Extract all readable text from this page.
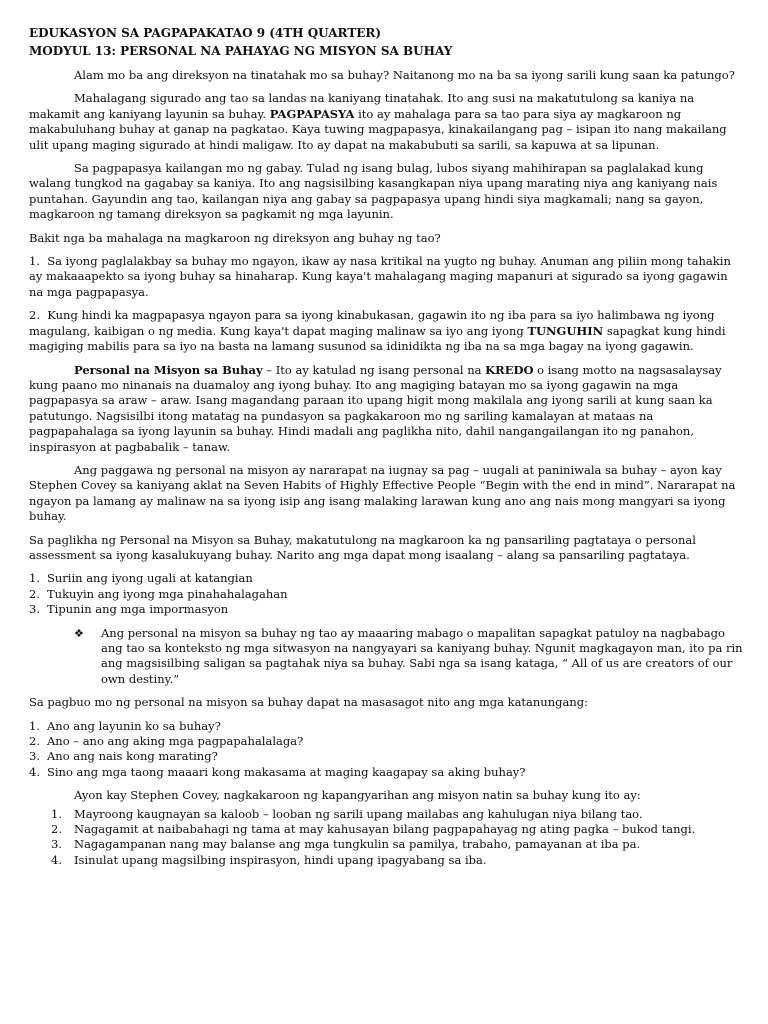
EDUKASYON SA PAGPAPAKATAO 9 (4TH QUARTER)

MODYUL 13: PERSONAL NA PAHAYAG NG MISYON SA BUHAY

Alam mo ba ang direksyon na tinatahak mo sa buhay? Naitanong mo na ba sa iyong sarili kung saan ka patungo?

Mahalagang sigurado ang tao sa landas na kaniyang tinatahak. Ito ang susi na makatutulong sa kaniya na makamit ang kaniyang layunin sa buhay. PAGPAPASYA ito ay mahalaga para sa tao para siya ay magkaroon ng makabuluhang buhay at ganap na pagkatao. Kaya tuwing magpapasya, kinakailangang pag – isipan ito nang makailang ulit upang maging sigurado at hindi maligaw. Ito ay dapat na makabubuti sa sarili, sa kapuwa at sa lipunan.

Sa pagpapasya kailangan mo ng gabay. Tulad ng isang bulag, lubos siyang mahihirapan sa paglalakad kung walang tungkod na gagabay sa kaniya. Ito ang nagsisilbing kasangkapan niya upang marating niya ang kaniyang nais puntahan. Gayundin ang tao, kailangan niya ang gabay sa pagpapasya upang hindi siya magkamali; nang sa gayon, magkaroon ng tamang direksyon sa pagkamit ng mga layunin.

Bakit nga ba mahalaga na magkaroon ng direksyon ang buhay ng tao?

1. Sa iyong paglalakbay sa buhay mo ngayon, ikaw ay nasa kritikal na yugto ng buhay. Anuman ang piliin mong tahakin ay makaaapekto sa iyong buhay sa hinaharap. Kung kaya't mahalagang maging mapanuri at sigurado sa iyong gagawin na mga pagpapasya.

2. Kung hindi ka magpapasya ngayon para sa iyong kinabukasan, gagawin ito ng iba para sa iyo halimbawa ng iyong magulang, kaibigan o ng media. Kung kaya't dapat maging malinaw sa iyo ang iyong TUNGUHIN sapagkat kung hindi magiging mabilis para sa iyo na basta na lamang susunod sa idinidikta ng iba na sa mga bagay na iyong gagawin.

Personal na Misyon sa Buhay – Ito ay katulad ng isang personal na KREDO o isang motto na nagsasalaysay kung paano mo ninanais na duamaloy ang iyong buhay. Ito ang magiging batayan mo sa iyong gagawin na mga pagpapasya sa araw – araw. Isang magandang paraan ito upang higit mong makilala ang iyong sarili at kung saan ka patutungo. Nagsisilbi itong matatag na pundasyon sa pagkakaroon mo ng sariling kamalayan at mataas na pagpapahalaga sa iyong layunin sa buhay. Hindi madali ang paglikha nito, dahil nangangailangan ito ng panahon, inspirasyon at pagbabalik – tanaw.

Ang paggawa ng personal na misyon ay nararapat na iugnay sa pag – uugali at paniniwala sa buhay – ayon kay Stephen Covey sa kaniyang aklat na Seven Habits of Highly Effective People “Begin with the end in mind”. Nararapat na ngayon pa lamang ay malinaw na sa iyong isip ang isang malaking larawan kung ano ang nais mong mangyari sa iyong buhay.

Sa paglikha ng Personal na Misyon sa Buhay, makatutulong na magkaroon ka ng pansariling pagtataya o personal assessment sa iyong kasalukuyang buhay. Narito ang mga dapat mong isaalang – alang sa pansariling pagtataya.

1. Suriin ang iyong ugali at katangian
2. Tukuyin ang iyong mga pinahahalagahan
3. Tipunin ang mga impormasyon

❖ Ang personal na misyon sa buhay ng tao ay maaaring mabago o mapalitan sapagkat patuloy na nagbabago ang tao sa konteksto ng mga sitwasyon na nangyayari sa kaniyang buhay. Ngunit magkagayon man, ito pa rin ang magsisilbing saligan sa pagtahak niya sa buhay. Sabi nga sa isang kataga, “ All of us are creators of our own destiny.”

Sa pagbuo mo ng personal na misyon sa buhay dapat na masasagot nito ang mga katanungang:

1. Ano ang layunin ko sa buhay?
2. Ano – ano ang aking mga pagpapahalalaga?
3. Ano ang nais kong marating?
4. Sino ang mga taong maaari kong makasama at maging kaagapay sa aking buhay?

Ayon kay Stephen Covey, nagkakaroon ng kapangyarihan ang misyon natin sa buhay kung ito ay:

1. Mayroong kaugnayan sa kaloob – looban ng sarili upang mailabas ang kahulugan niya bilang tao.
2. Nagagamit at naibabahagi ng tama at may kahusayan bilang pagpapahayag ng ating pagka – bukod tangi.
3. Nagagampanan nang may balanse ang mga tungkulin sa pamilya, trabaho, pamayanan at iba pa.
4. Isinulat upang magsilbing inspirasyon, hindi upang ipagyabang sa iba.
